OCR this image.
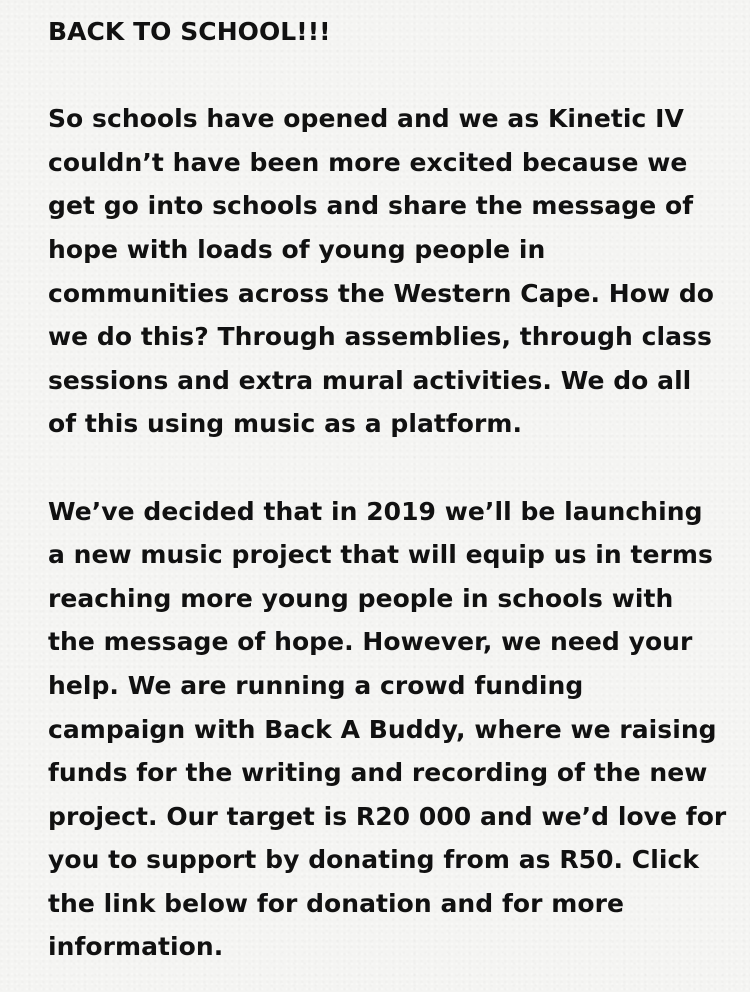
BACK TO SCHOOL!!!

So schools have opened and we as Kinetic IV couldn’t have been more excited because we get go into schools and share the message of hope with loads of young people in communities across the Western Cape. How do we do this? Through assemblies, through class sessions and extra mural activities. We do all of this using music as a platform.

We’ve decided that in 2019 we’ll be launching a new music project that will equip us in terms reaching more young people in schools with the message of hope. However, we need your help. We are running a crowd funding campaign with Back A Buddy, where we raising funds for the writing and recording of the new project. Our target is R20 000 and we’d love for you to support by donating from as R50. Click the link below for donation and for more information.
